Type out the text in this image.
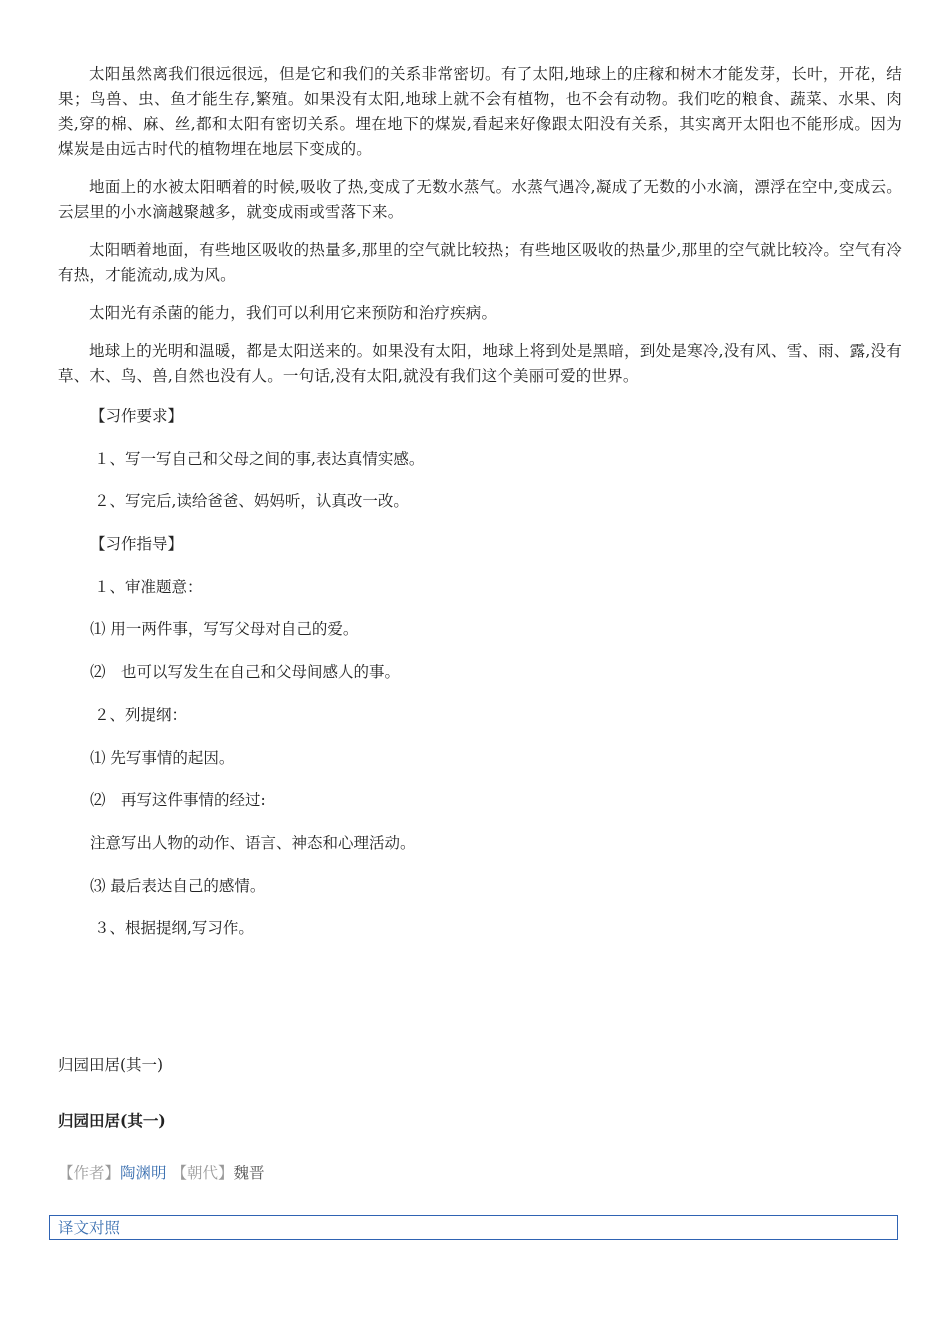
太阳虽然离我们很远很远，但是它和我们的关系非常密切。有了太阳,地球上的庄稼和树木才能发芽，长叶，开花，结果；鸟兽、虫、鱼才能生存,繁殖。如果没有太阳,地球上就不会有植物，也不会有动物。我们吃的粮食、蔬菜、水果、肉类,穿的棉、麻、丝,都和太阳有密切关系。埋在地下的煤炭,看起来好像跟太阳没有关系，其实离开太阳也不能形成。因为煤炭是由远古时代的植物埋在地层下变成的。

地面上的水被太阳晒着的时候,吸收了热,变成了无数水蒸气。水蒸气遇冷,凝成了无数的小水滴，漂浮在空中,变成云。云层里的小水滴越聚越多，就变成雨或雪落下来。

太阳晒着地面，有些地区吸收的热量多,那里的空气就比较热；有些地区吸收的热量少,那里的空气就比较冷。空气有冷有热，才能流动,成为风。

太阳光有杀菌的能力，我们可以利用它来预防和治疗疾病。

地球上的光明和温暖，都是太阳送来的。如果没有太阳，地球上将到处是黑暗，到处是寒冷,没有风、雪、雨、露,没有草、木、鸟、兽,自然也没有人。一句话,没有太阳,就没有我们这个美丽可爱的世界。

【习作要求】
１、写一写自己和父母之间的事,表达真情实感。
２、写完后,读给爸爸、妈妈听，认真改一改。
【习作指导】
１、审准题意：
⑴ 用一两件事，写写父母对自己的爱。
⑵　也可以写发生在自己和父母间感人的事。
２、列提纲：
⑴ 先写事情的起因。
⑵　再写这件事情的经过:
注意写出人物的动作、语言、神态和心理活动。
⑶ 最后表达自己的感情。
３、根据提纲,写习作。
归园田居(其一)
归园田居(其一)
【作者】陶渊明 【朝代】魏晋
译文对照
